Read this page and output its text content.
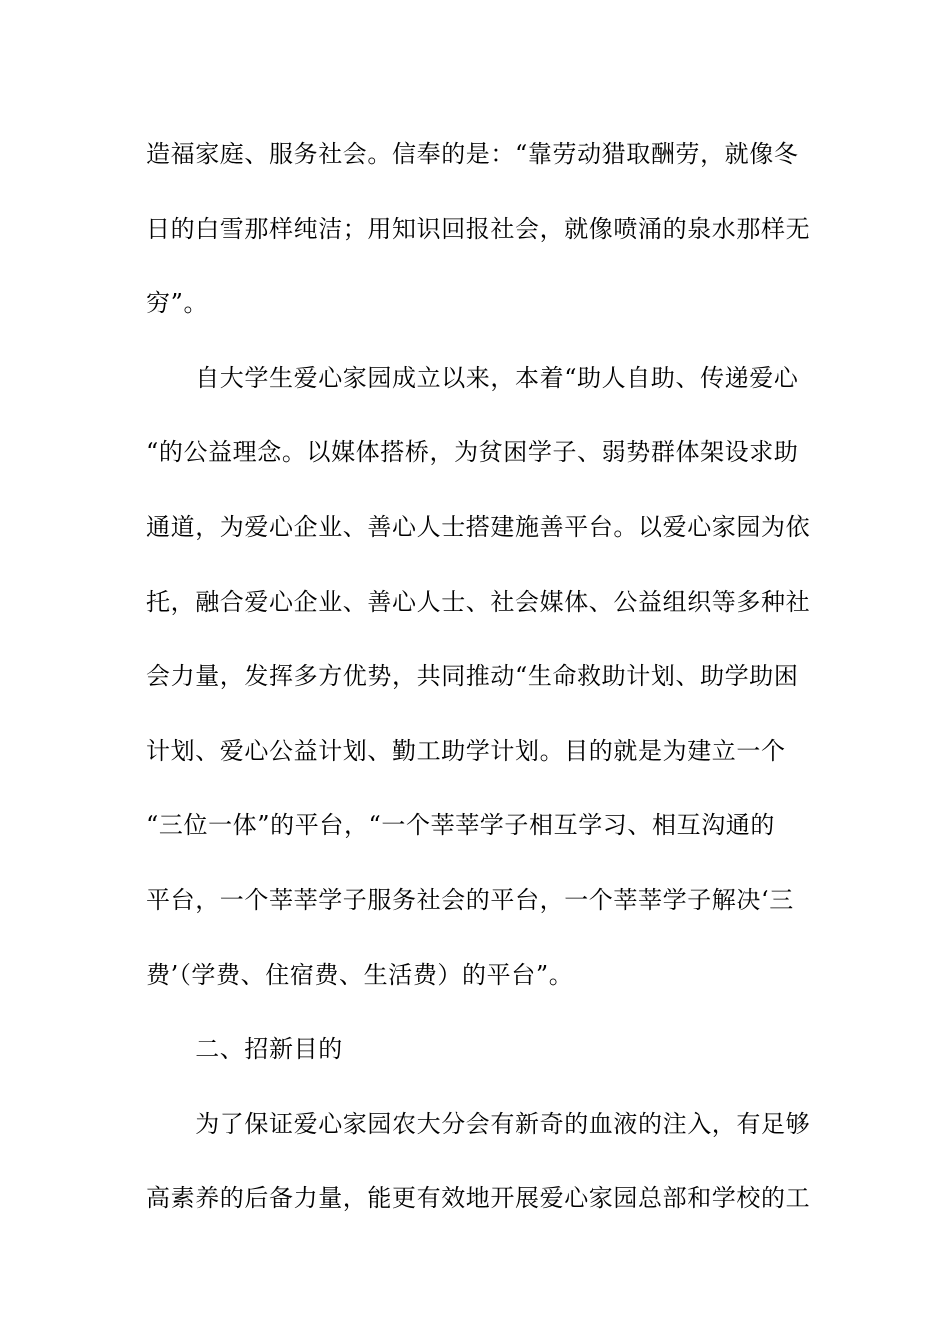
造福家庭、服务社会。信奉的是：“靠劳动猎取酬劳，就像冬
日的白雪那样纯洁；用知识回报社会，就像喷涌的泉水那样无
穷”。
　　自大学生爱心家园成立以来，本着“助人自助、传递爱心
“的公益理念。以媒体搭桥，为贫困学子、弱势群体架设求助
通道，为爱心企业、善心人士搭建施善平台。以爱心家园为依
托，融合爱心企业、善心人士、社会媒体、公益组织等多种社
会力量，发挥多方优势，共同推动“生命救助计划、助学助困
计划、爱心公益计划、勤工助学计划。目的就是为建立一个
“三位一体”的平台，“一个莘莘学子相互学习、相互沟通的
平台，一个莘莘学子服务社会的平台，一个莘莘学子解决‘三
费’（学费、住宿费、生活费）的平台”。
　　二、招新目的
　　为了保证爱心家园农大分会有新奇的血液的注入，有足够
高素养的后备力量，能更有效地开展爱心家园总部和学校的工
